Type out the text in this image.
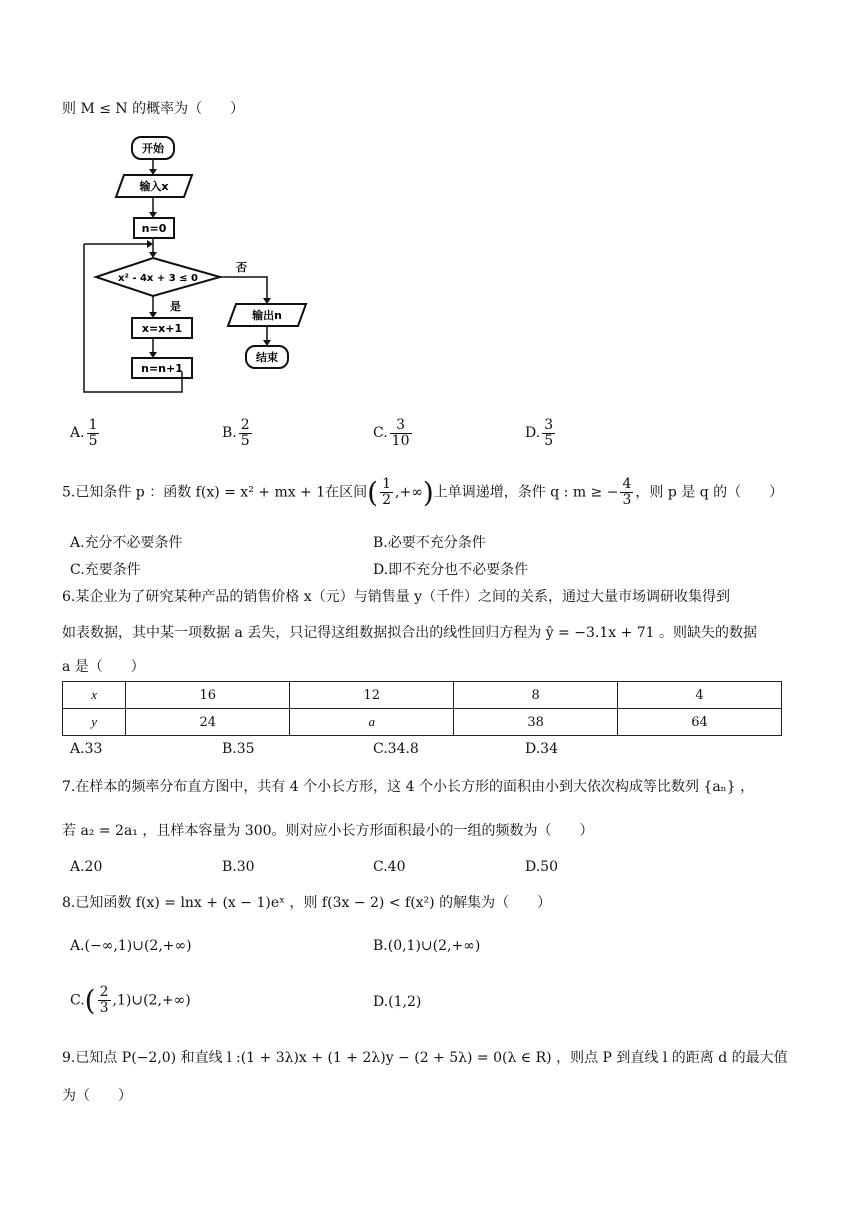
则 M ≤ N 的概率为（　　）
开始
输入x
n=0
x² - 4x + 3 ≤ 0
否
输出n
结束
是
x=x+1
n=n+1
A. $\frac{1}{5}$	B. $\frac{2}{5}$	C. $\frac{3}{10}$	D. $\frac{3}{5}$
5.已知条件 p ：函数 f(x) = x² + mx + 1在区间( $\frac{1}{2}$ ,+∞)上单调递增，条件 q : m ≥ − $\frac{4}{3}$ ，则 p 是 q 的（　　）
A.充分不必要条件	B.必要不充分条件
C.充要条件	D.即不充分也不必要条件
6.某企业为了研究某种产品的销售价格 x（元）与销售量 y（千件）之间的关系，通过大量市场调研收集得到
如表数据，其中某一项数据 a 丢失，只记得这组数据拟合出的线性回归方程为 ŷ = −3.1x + 71 。则缺失的数据
a 是（　　）
x	16	12	8	4
y	24	a	38	64
A.33	B.35	C.34.8	D.34
7.在样本的频率分布直方图中，共有 4 个小长方形，这 4 个小长方形的面积由小到大依次构成等比数列 {aₙ} ，
若 a₂ = 2a₁ ，且样本容量为 300。则对应小长方形面积最小的一组的频数为（　　）
A.20	B.30	C.40	D.50
8.已知函数 f(x) = lnx + (x − 1)eˣ ，则 f(3x − 2) < f(x²) 的解集为（　　）
A.(−∞,1)∪(2,+∞)	B.(0,1)∪(2,+∞)
$C.( \frac{2}{3}$ ,1)∪(2,+∞)	D.(1,2)
9.已知点 P(−2,0) 和直线 l :(1 + 3λ)x + (1 + 2λ)y − (2 + 5λ) = 0(λ ∈ R) ，则点 P 到直线 l 的距离 d 的最大值
为（　　）
